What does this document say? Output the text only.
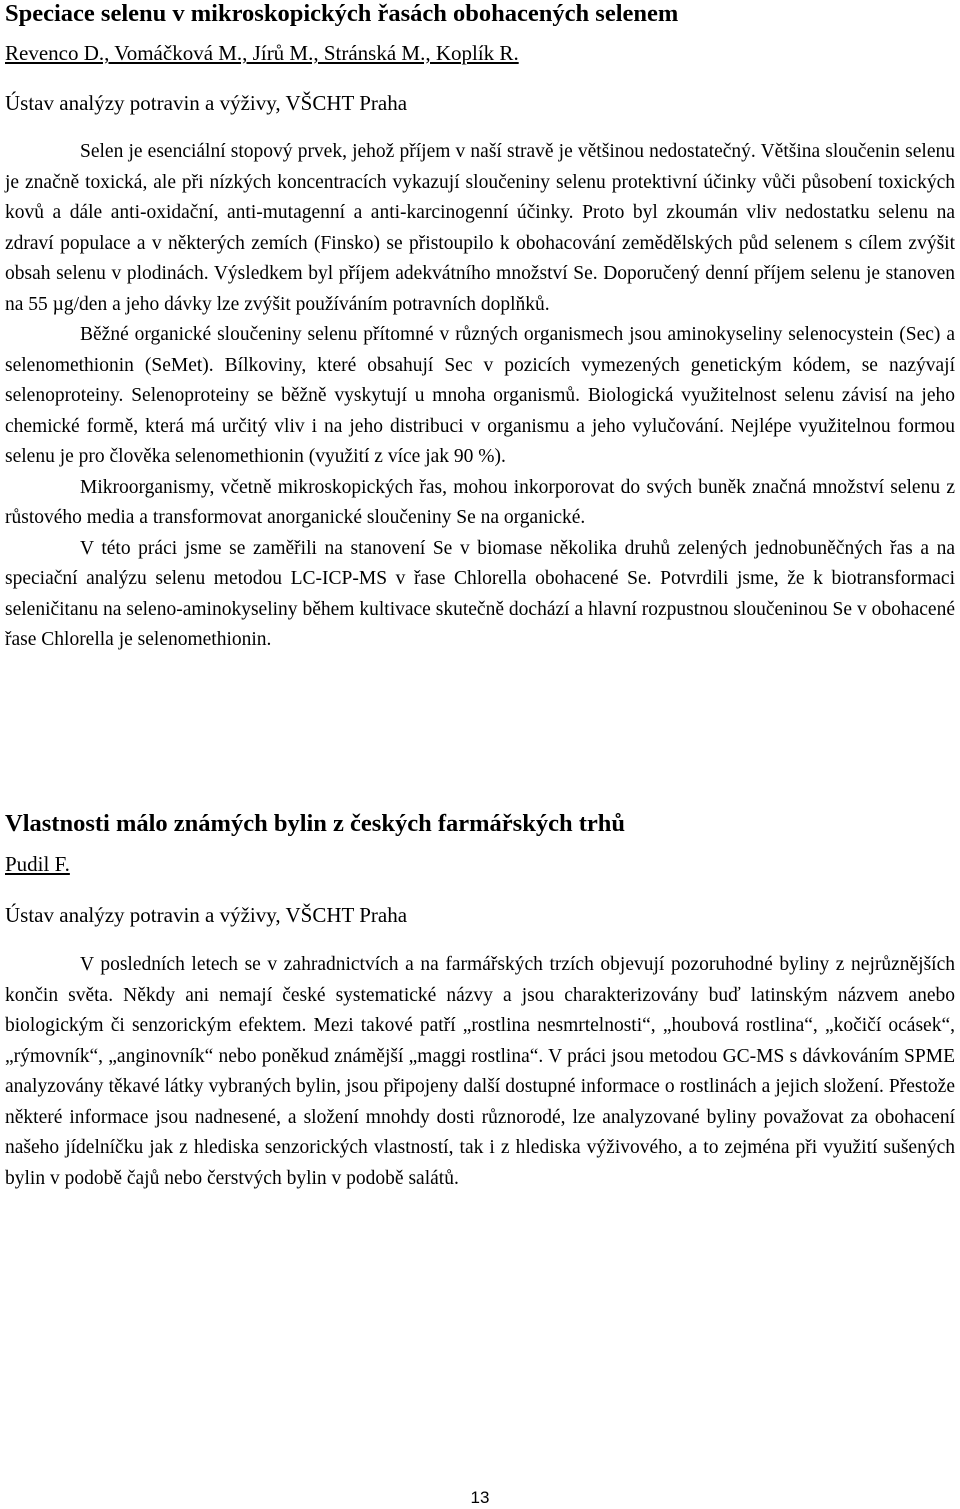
Speciace selenu v mikroskopických řasách obohacených selenem
Revenco D., Vomáčková M., Jírů M., Stránská M., Koplík R.
Ústav analýzy potravin a výživy, VŠCHT Praha

Selen je esenciální stopový prvek, jehož příjem v naší stravě je většinou nedostatečný. Většina sloučenin selenu je značně toxická, ale při nízkých koncentracích vykazují sloučeniny selenu protektivní účinky vůči působení toxických kovů a dále anti-oxidační, anti-mutagenní a anti-karcinogenní účinky. Proto byl zkoumán vliv nedostatku selenu na zdraví populace a v některých zemích (Finsko) se přistoupilo k obohacování zemědělských půd selenem s cílem zvýšit obsah selenu v plodinách. Výsledkem byl příjem adekvátního množství Se. Doporučený denní příjem selenu je stanoven na 55 µg/den a jeho dávky lze zvýšit používáním potravních doplňků.

Běžné organické sloučeniny selenu přítomné v různých organismech jsou aminokyseliny selenocystein (Sec) a selenomethionin (SeMet). Bílkoviny, které obsahují Sec v pozicích vymezených genetickým kódem, se nazývají selenoproteiny. Selenoproteiny se běžně vyskytují u mnoha organismů. Biologická využitelnost selenu závisí na jeho chemické formě, která má určitý vliv i na jeho distribuci v organismu a jeho vylučování. Nejlépe využitelnou formou selenu je pro člověka selenomethionin (využití z více jak 90 %).

Mikroorganismy, včetně mikroskopických řas, mohou inkorporovat do svých buněk značná množství selenu z růstového media a transformovat anorganické sloučeniny Se na organické.

V této práci jsme se zaměřili na stanovení Se v biomase několika druhů zelených jednobuněčných řas a na speciační analýzu selenu metodou LC-ICP-MS v řase Chlorella obohacené Se. Potvrdili jsme, že k biotransformaci seleničitanu na seleno-aminokyseliny během kultivace skutečně dochází a hlavní rozpustnou sloučeninou Se v obohacené řase Chlorella je selenomethionin.

Vlastnosti málo známých bylin z českých farmářských trhů
Pudil F.
Ústav analýzy potravin a výživy, VŠCHT Praha

V posledních letech se v zahradnictvích a na farmářských trzích objevují pozoruhodné byliny z nejrůznějších končin světa. Někdy ani nemají české systematické názvy a jsou charakterizovány buď latinským názvem anebo biologickým či senzorickým efektem. Mezi takové patří „rostlina nesmrtelnosti“, „houbová rostlina“, „kočičí ocásek“, „rýmovník“, „anginovník“ nebo poněkud známější „maggi rostlina“. V práci jsou metodou GC-MS s dávkováním SPME analyzovány těkavé látky vybraných bylin, jsou připojeny další dostupné informace o rostlinách a jejich složení. Přestože některé informace jsou nadnesené, a složení mnohdy dosti různorodé, lze analyzované byliny považovat za obohacení našeho jídelníčku jak z hlediska senzorických vlastností, tak i z hlediska výživového, a to zejména při využití sušených bylin v podobě čajů nebo čerstvých bylin v podobě salátů.

13
